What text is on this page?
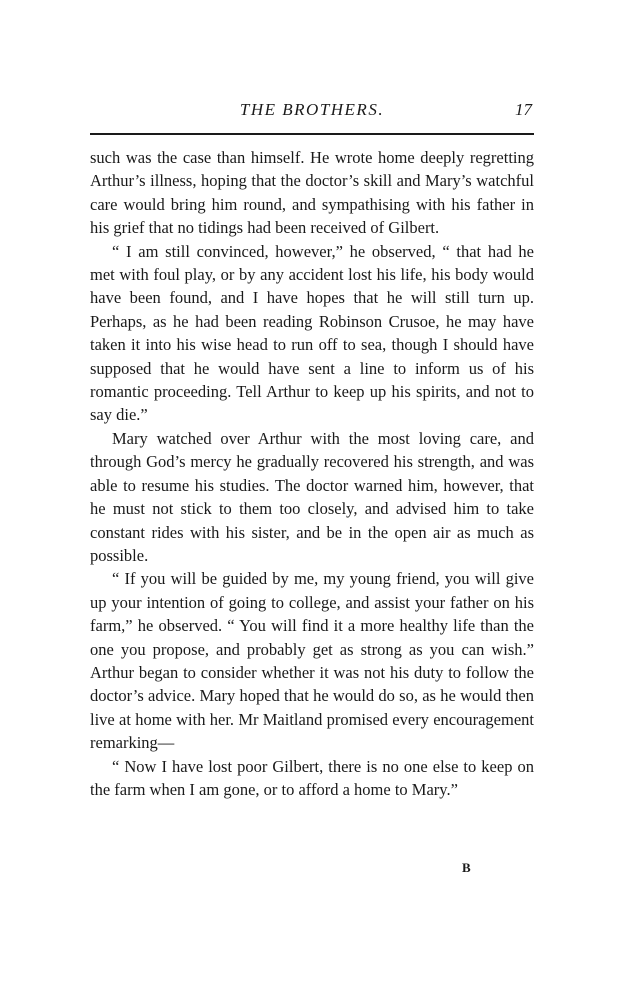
THE BROTHERS.	17

such was the case than himself. He wrote home deeply regretting Arthur’s illness, hoping that the doctor’s skill and Mary’s watchful care would bring him round, and sympathising with his father in his grief that no tidings had been received of Gilbert.

“ I am still convinced, however,” he observed, “ that had he met with foul play, or by any accident lost his life, his body would have been found, and I have hopes that he will still turn up. Perhaps, as he had been reading Robinson Crusoe, he may have taken it into his wise head to run off to sea, though I should have supposed that he would have sent a line to inform us of his romantic proceeding. Tell Arthur to keep up his spirits, and not to say die.”

Mary watched over Arthur with the most loving care, and through God’s mercy he gradually recovered his strength, and was able to resume his studies. The doctor warned him, however, that he must not stick to them too closely, and advised him to take constant rides with his sister, and be in the open air as much as possible.

“ If you will be guided by me, my young friend, you will give up your intention of going to college, and assist your father on his farm,” he observed. “ You will find it a more healthy life than the one you propose, and probably get as strong as you can wish.” Arthur began to consider whether it was not his duty to follow the doctor’s advice. Mary hoped that he would do so, as he would then live at home with her. Mr Maitland promised every encouragement remarking—

“ Now I have lost poor Gilbert, there is no one else to keep on the farm when I am gone, or to afford a home to Mary.”

B
